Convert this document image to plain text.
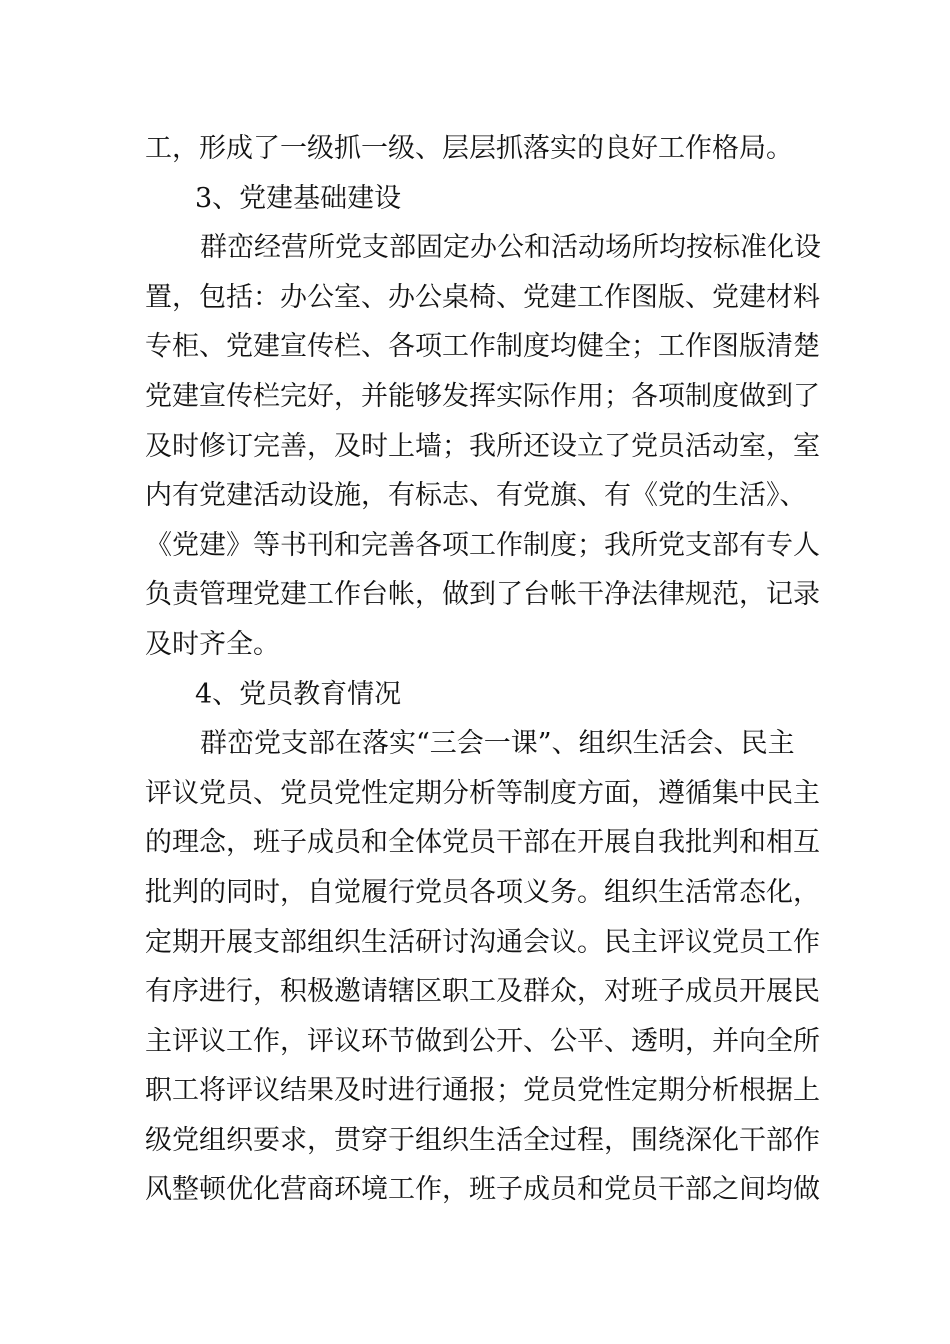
工，形成了一级抓一级、层层抓落实的良好工作格局。
3、党建基础建设
群峦经营所党支部固定办公和活动场所均按标准化设
置，包括：办公室、办公桌椅、党建工作图版、党建材料
专柜、党建宣传栏、各项工作制度均健全；工作图版清楚
党建宣传栏完好，并能够发挥实际作用；各项制度做到了
及时修订完善，及时上墙；我所还设立了党员活动室，室
内有党建活动设施，有标志、有党旗、有《党的生活》、
《党建》等书刊和完善各项工作制度；我所党支部有专人
负责管理党建工作台帐，做到了台帐干净法律规范，记录
及时齐全。
4、党员教育情况
群峦党支部在落实“三会一课”、组织生活会、民主
评议党员、党员党性定期分析等制度方面，遵循集中民主
的理念，班子成员和全体党员干部在开展自我批判和相互
批判的同时，自觉履行党员各项义务。组织生活常态化，
定期开展支部组织生活研讨沟通会议。民主评议党员工作
有序进行，积极邀请辖区职工及群众，对班子成员开展民
主评议工作，评议环节做到公开、公平、透明，并向全所
职工将评议结果及时进行通报；党员党性定期分析根据上
级党组织要求，贯穿于组织生活全过程，围绕深化干部作
风整顿优化营商环境工作，班子成员和党员干部之间均做
